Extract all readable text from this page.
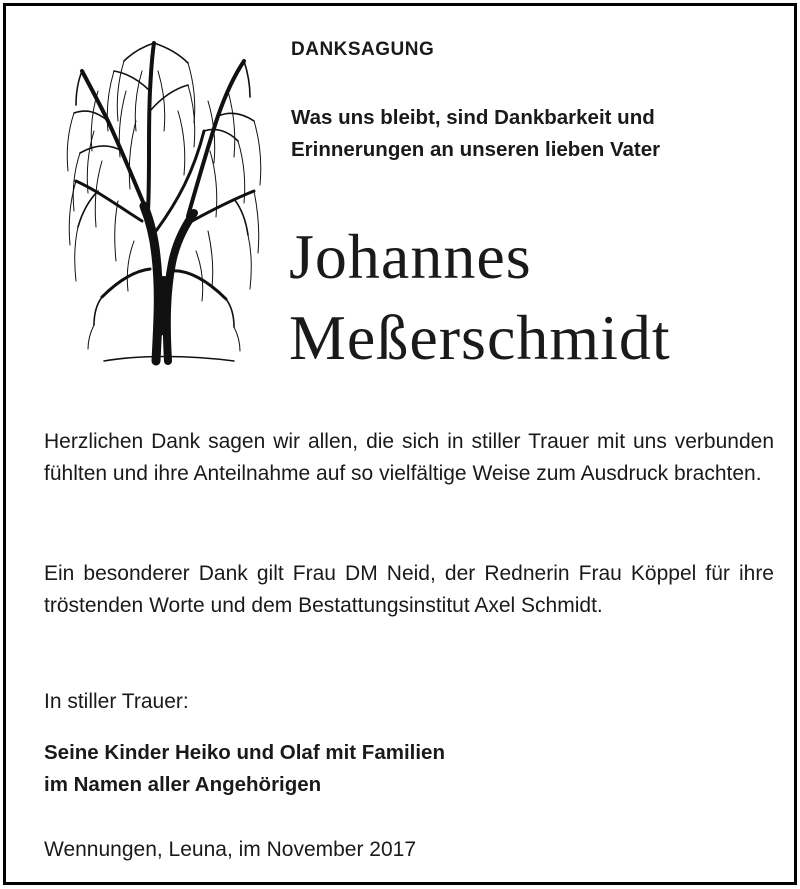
DANKSAGUNG
Was uns bleibt, sind Dankbarkeit und
Erinnerungen an unseren lieben Vater
Johannes
Meßerschmidt
Herzlichen Dank sagen wir allen, die sich in stiller Trauer mit uns verbunden fühlten und ihre Anteilnahme auf so vielfältige Weise zum Ausdruck brachten.
Ein besonderer Dank gilt Frau DM Neid, der Rednerin Frau Köppel für ihre tröstenden Worte und dem Bestattungsinstitut Axel Schmidt.
In stiller Trauer:
Seine Kinder Heiko und Olaf mit Familien
im Namen aller Angehörigen
Wennungen, Leuna, im November 2017
